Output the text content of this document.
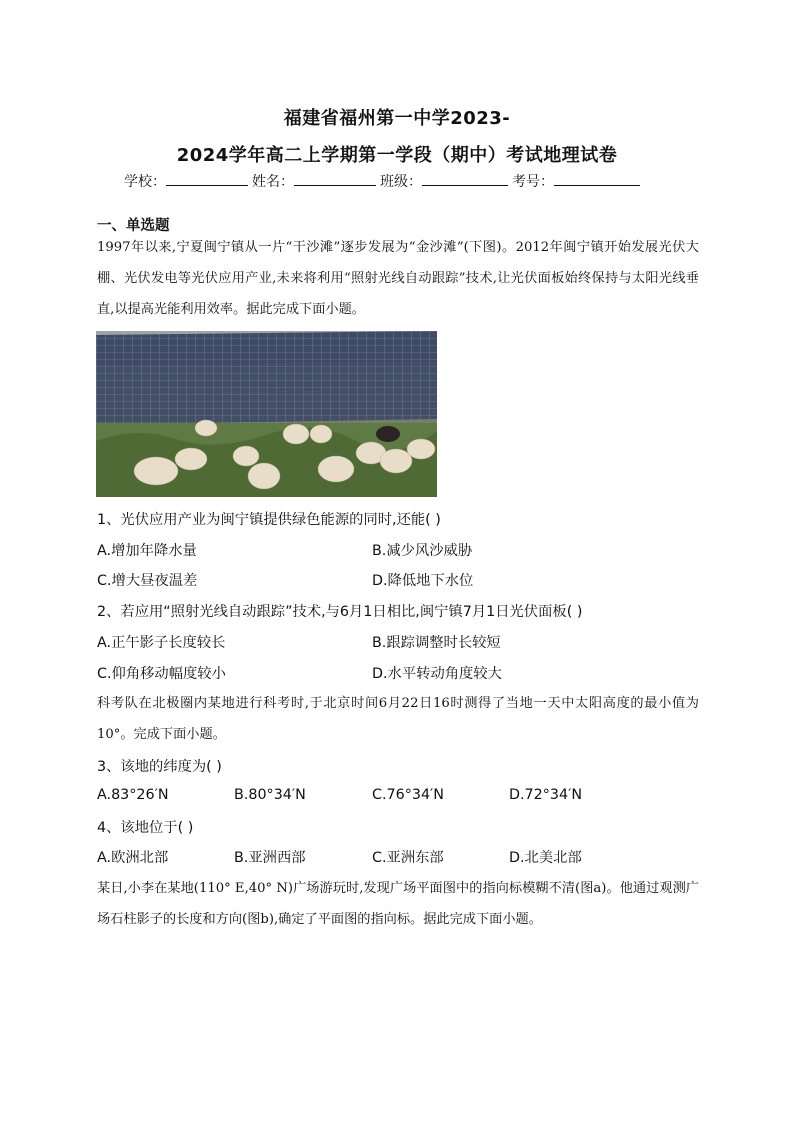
福建省福州第一中学2023-
2024学年高二上学期第一学段（期中）考试地理试卷
学校：	姓名：	班级：	考号：
一、单选题
1997年以来,宁夏闽宁镇从一片“干沙滩”逐步发展为“金沙滩”(下图)。2012年闽宁镇开始发展光伏大棚、光伏发电等光伏应用产业,未来将利用“照射光线自动跟踪”技术,让光伏面板始终保持与太阳光线垂直,以提高光能利用效率。据此完成下面小题。
1、光伏应用产业为闽宁镇提供绿色能源的同时,还能( )
A.增加年降水量	B.减少风沙威胁
C.增大昼夜温差	D.降低地下水位
2、若应用“照射光线自动跟踪”技术,与6月1日相比,闽宁镇7月1日光伏面板( )
A.正午影子长度较长	B.跟踪调整时长较短
C.仰角移动幅度较小	D.水平转动角度较大
科考队在北极圈内某地进行科考时,于北京时间6月22日16时测得了当地一天中太阳高度的最小值为10°。完成下面小题。
3、该地的纬度为( )
A.83°26′N	B.80°34′N	C.76°34′N	D.72°34′N
4、该地位于( )
A.欧洲北部	B.亚洲西部	C.亚洲东部	D.北美北部
某日,小李在某地(110° E,40° N)广场游玩时,发现广场平面图中的指向标模糊不清(图a)。他通过观测广场石柱影子的长度和方向(图b),确定了平面图的指向标。据此完成下面小题。
